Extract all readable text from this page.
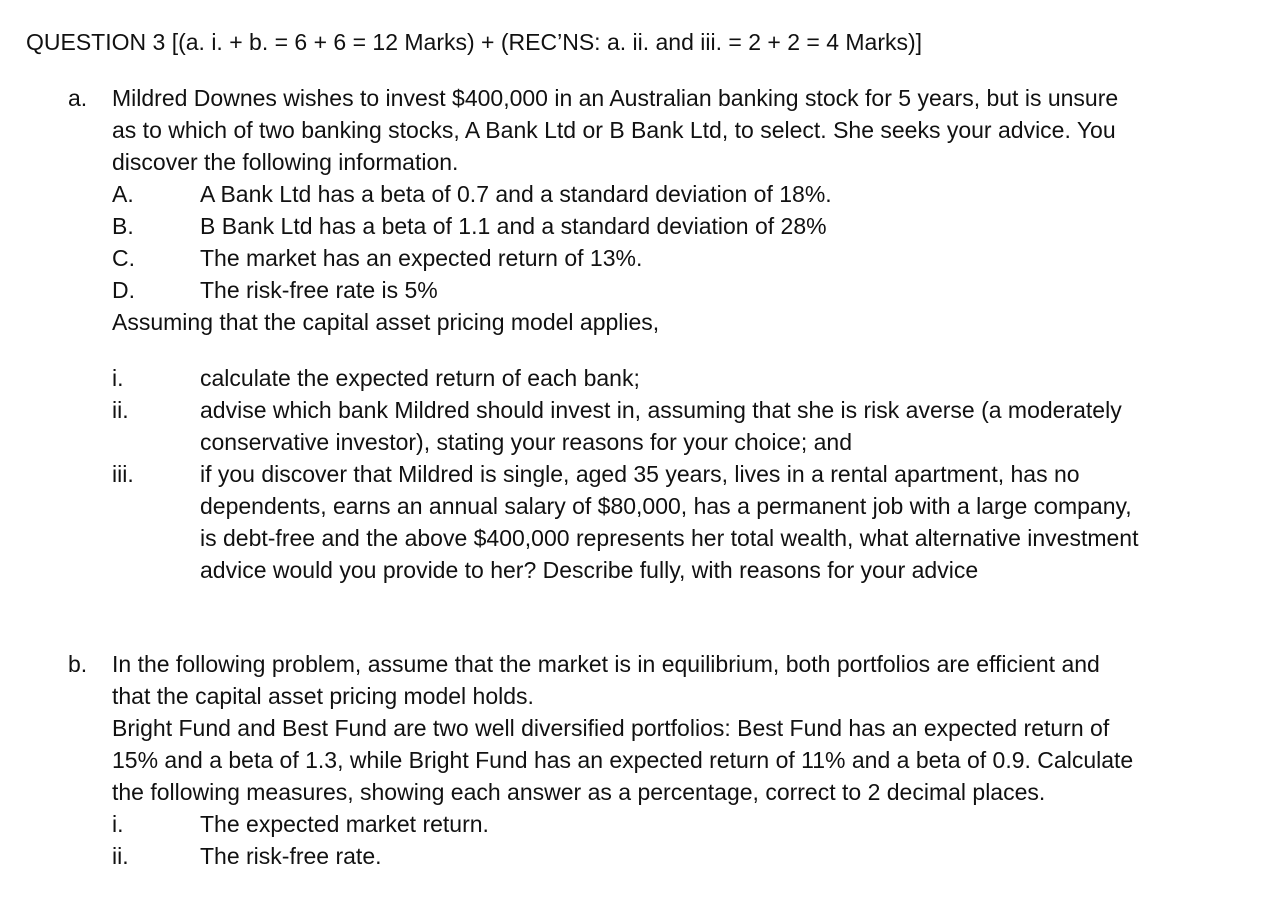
QUESTION 3 [(a. i. + b. = 6 + 6 = 12 Marks) + (REC’NS: a. ii. and iii. = 2 + 2 = 4 Marks)]
a. Mildred Downes wishes to invest $400,000 in an Australian banking stock for 5 years, but is unsure as to which of two banking stocks, A Bank Ltd or B Bank Ltd, to select. She seeks your advice. You discover the following information.

A.	A Bank Ltd has a beta of 0.7 and a standard deviation of 18%.
B.	B Bank Ltd has a beta of 1.1 and a standard deviation of 28%
C.	The market has an expected return of 13%.
D.	The risk-free rate is 5%

Assuming that the capital asset pricing model applies,

i.	calculate the expected return of each bank;
ii.	advise which bank Mildred should invest in, assuming that she is risk averse (a moderately conservative investor), stating your reasons for your choice; and
iii.	if you discover that Mildred is single, aged 35 years, lives in a rental apartment, has no dependents, earns an annual salary of $80,000, has a permanent job with a large company, is debt-free and the above $400,000 represents her total wealth, what alternative investment advice would you provide to her? Describe fully, with reasons for your advice
b. In the following problem, assume that the market is in equilibrium, both portfolios are efficient and that the capital asset pricing model holds.

Bright Fund and Best Fund are two well diversified portfolios: Best Fund has an expected return of 15% and a beta of 1.3, while Bright Fund has an expected return of 11% and a beta of 0.9. Calculate the following measures, showing each answer as a percentage, correct to 2 decimal places.

i.	The expected market return.
ii.	The risk-free rate.
